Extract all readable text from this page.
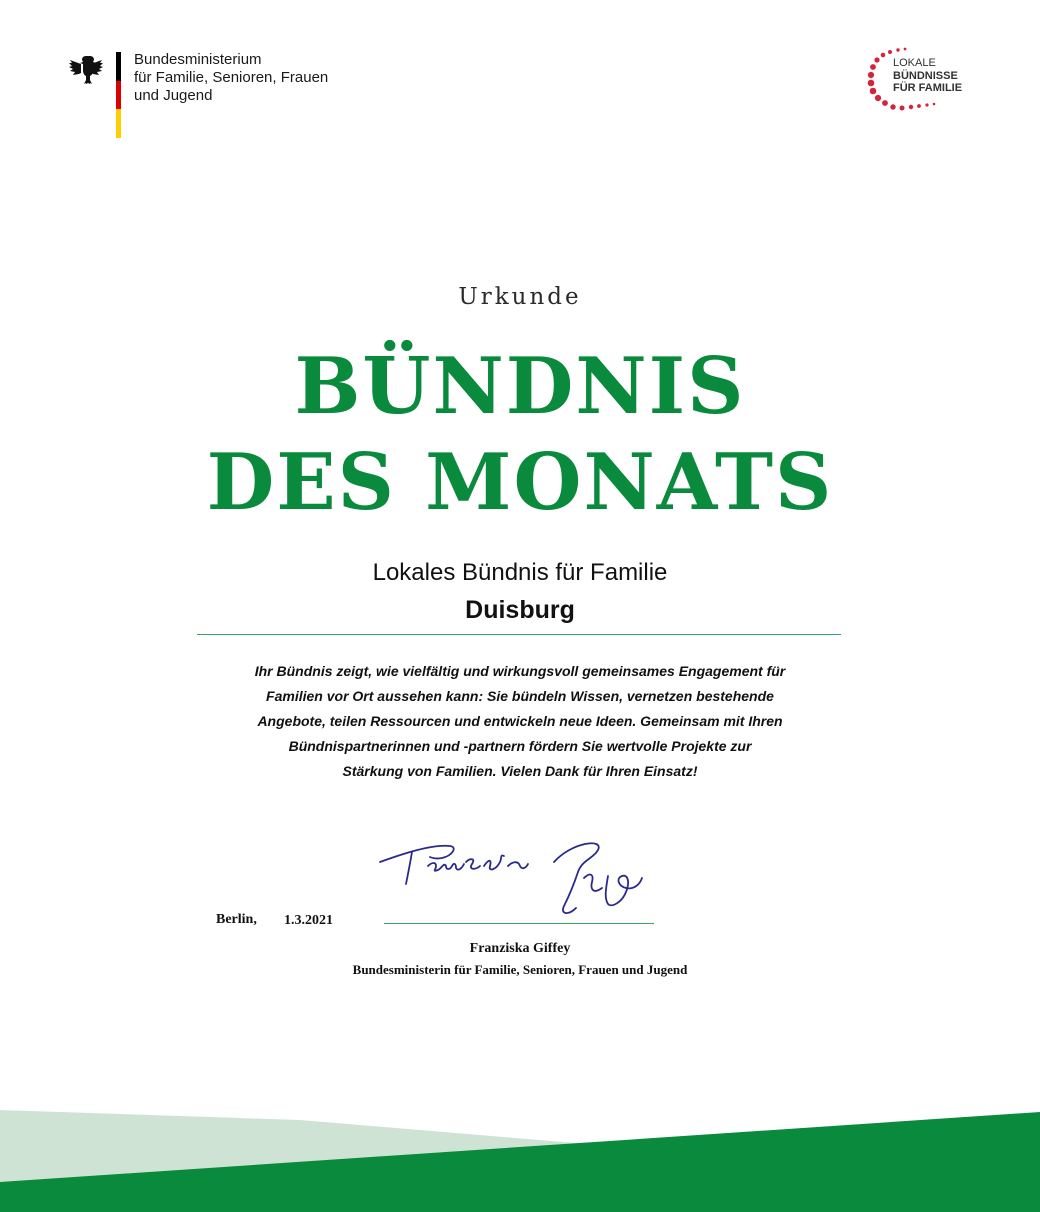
Bundesministerium
für Familie, Senioren, Frauen
und Jugend
LOKALE
BÜNDNISSE
FÜR FAMILIE
Urkunde
BÜNDNIS
DES MONATS
Lokales Bündnis für Familie
Duisburg
Ihr Bündnis zeigt, wie vielfältig und wirkungsvoll gemeinsames Engagement für
Familien vor Ort aussehen kann: Sie bündeln Wissen, vernetzen bestehende
Angebote, teilen Ressourcen und entwickeln neue Ideen. Gemeinsam mit Ihren
Bündnispartnerinnen und -partnern fördern Sie wertvolle Projekte zur
Stärkung von Familien. Vielen Dank für Ihren Einsatz!
Berlin, 1.3.2021
Franziska Giffey
Bundesministerin für Familie, Senioren, Frauen und Jugend
